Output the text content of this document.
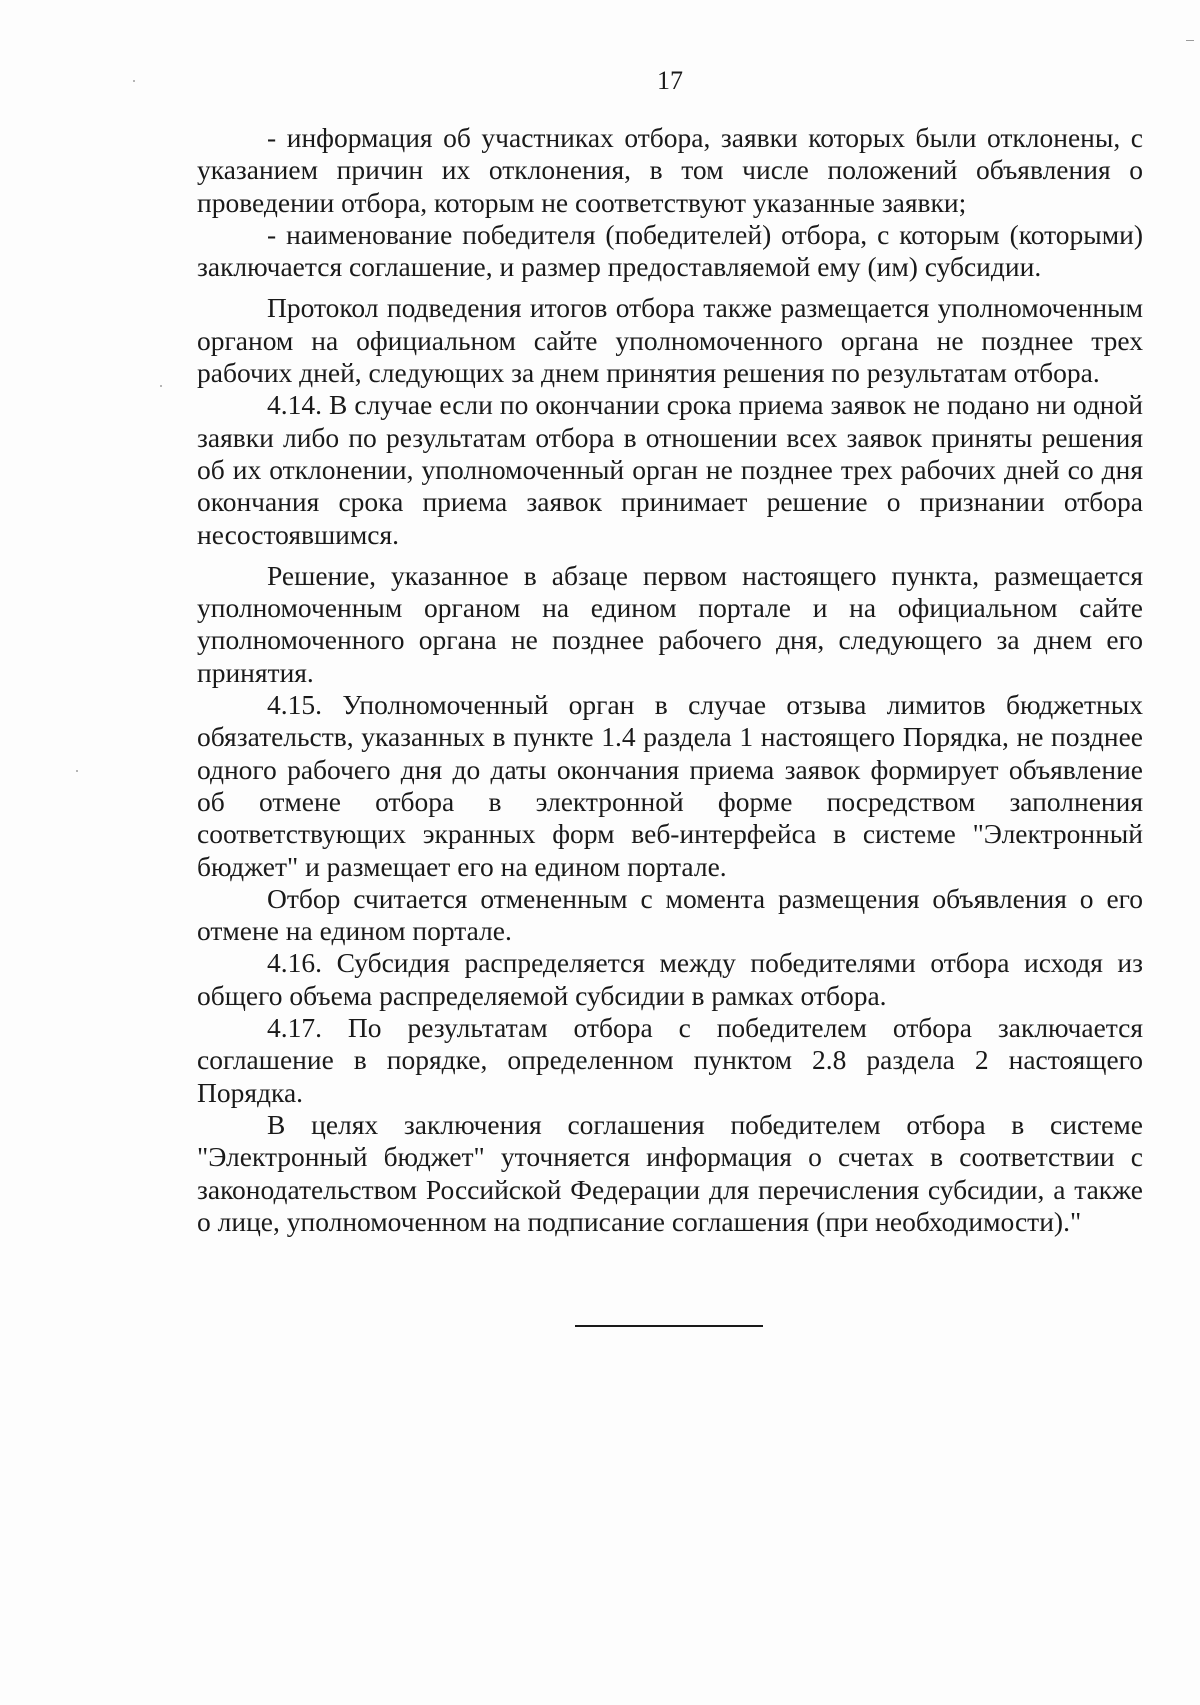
17

- информация об участниках отбора, заявки которых были отклонены, с указанием причин их отклонения, в том числе положений объявления о проведении отбора, которым не соответствуют указанные заявки;

- наименование победителя (победителей) отбора, с которым (которыми) заключается соглашение, и размер предоставляемой ему (им) субсидии.

Протокол подведения итогов отбора также размещается уполномоченным органом на официальном сайте уполномоченного органа не позднее трех рабочих дней, следующих за днем принятия решения по результатам отбора.

4.14. В случае если по окончании срока приема заявок не подано ни одной заявки либо по результатам отбора в отношении всех заявок приняты решения об их отклонении, уполномоченный орган не позднее трех рабочих дней со дня окончания срока приема заявок принимает решение о признании отбора несостоявшимся.

Решение, указанное в абзаце первом настоящего пункта, размещается уполномоченным органом на едином портале и на официальном сайте уполномоченного органа не позднее рабочего дня, следующего за днем его принятия.

4.15. Уполномоченный орган в случае отзыва лимитов бюджетных обязательств, указанных в пункте 1.4 раздела 1 настоящего Порядка, не позднее одного рабочего дня до даты окончания приема заявок формирует объявление об отмене отбора в электронной форме посредством заполнения соответствующих экранных форм веб-интерфейса в системе "Электронный бюджет" и размещает его на едином портале.

Отбор считается отмененным с момента размещения объявления о его отмене на едином портале.

4.16. Субсидия распределяется между победителями отбора исходя из общего объема распределяемой субсидии в рамках отбора.

4.17. По результатам отбора с победителем отбора заключается соглашение в порядке, определенном пунктом 2.8 раздела 2 настоящего Порядка.

В целях заключения соглашения победителем отбора в системе "Электронный бюджет" уточняется информация о счетах в соответствии с законодательством Российской Федерации для перечисления субсидии, а также о лице, уполномоченном на подписание соглашения (при необходимости)."
